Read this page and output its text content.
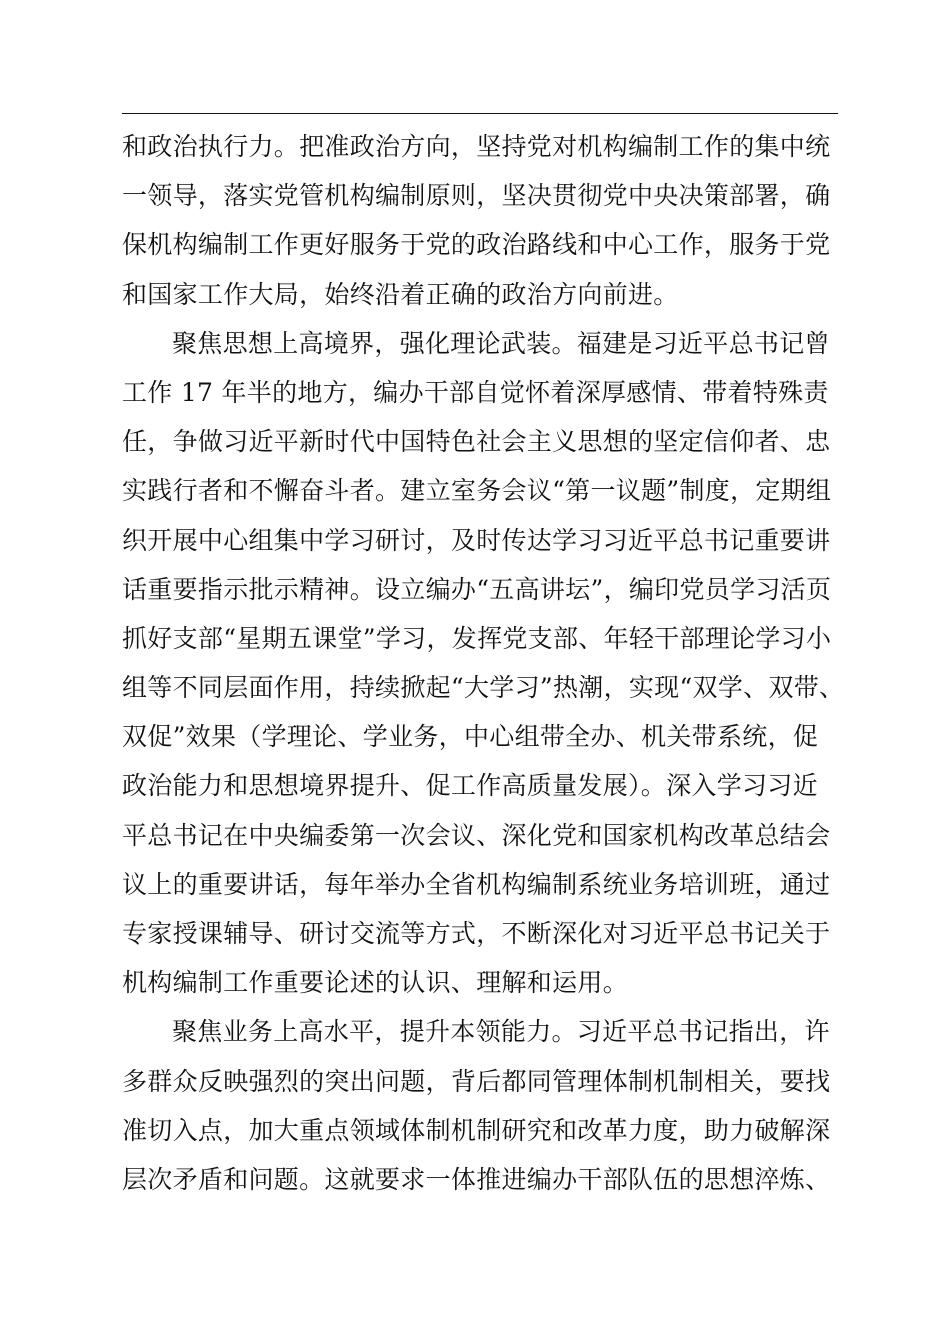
和政治执行力。把准政治方向，坚持党对机构编制工作的集中统
一领导，落实党管机构编制原则，坚决贯彻党中央决策部署，确
保机构编制工作更好服务于党的政治路线和中心工作，服务于党
和国家工作大局，始终沿着正确的政治方向前进。
聚焦思想上高境界，强化理论武装。福建是习近平总书记曾
工作 17 年半的地方，编办干部自觉怀着深厚感情、带着特殊责
任，争做习近平新时代中国特色社会主义思想的坚定信仰者、忠
实践行者和不懈奋斗者。建立室务会议“第一议题”制度，定期组
织开展中心组集中学习研讨，及时传达学习习近平总书记重要讲
话重要指示批示精神。设立编办“五高讲坛”，编印党员学习活页
抓好支部“星期五课堂”学习，发挥党支部、年轻干部理论学习小
组等不同层面作用，持续掀起“大学习”热潮，实现“双学、双带、
双促”效果（学理论、学业务，中心组带全办、机关带系统，促
政治能力和思想境界提升、促工作高质量发展）。深入学习习近
平总书记在中央编委第一次会议、深化党和国家机构改革总结会
议上的重要讲话，每年举办全省机构编制系统业务培训班，通过
专家授课辅导、研讨交流等方式，不断深化对习近平总书记关于
机构编制工作重要论述的认识、理解和运用。
聚焦业务上高水平，提升本领能力。习近平总书记指出，许
多群众反映强烈的突出问题，背后都同管理体制机制相关，要找
准切入点，加大重点领域体制机制研究和改革力度，助力破解深
层次矛盾和问题。这就要求一体推进编办干部队伍的思想淬炼、
